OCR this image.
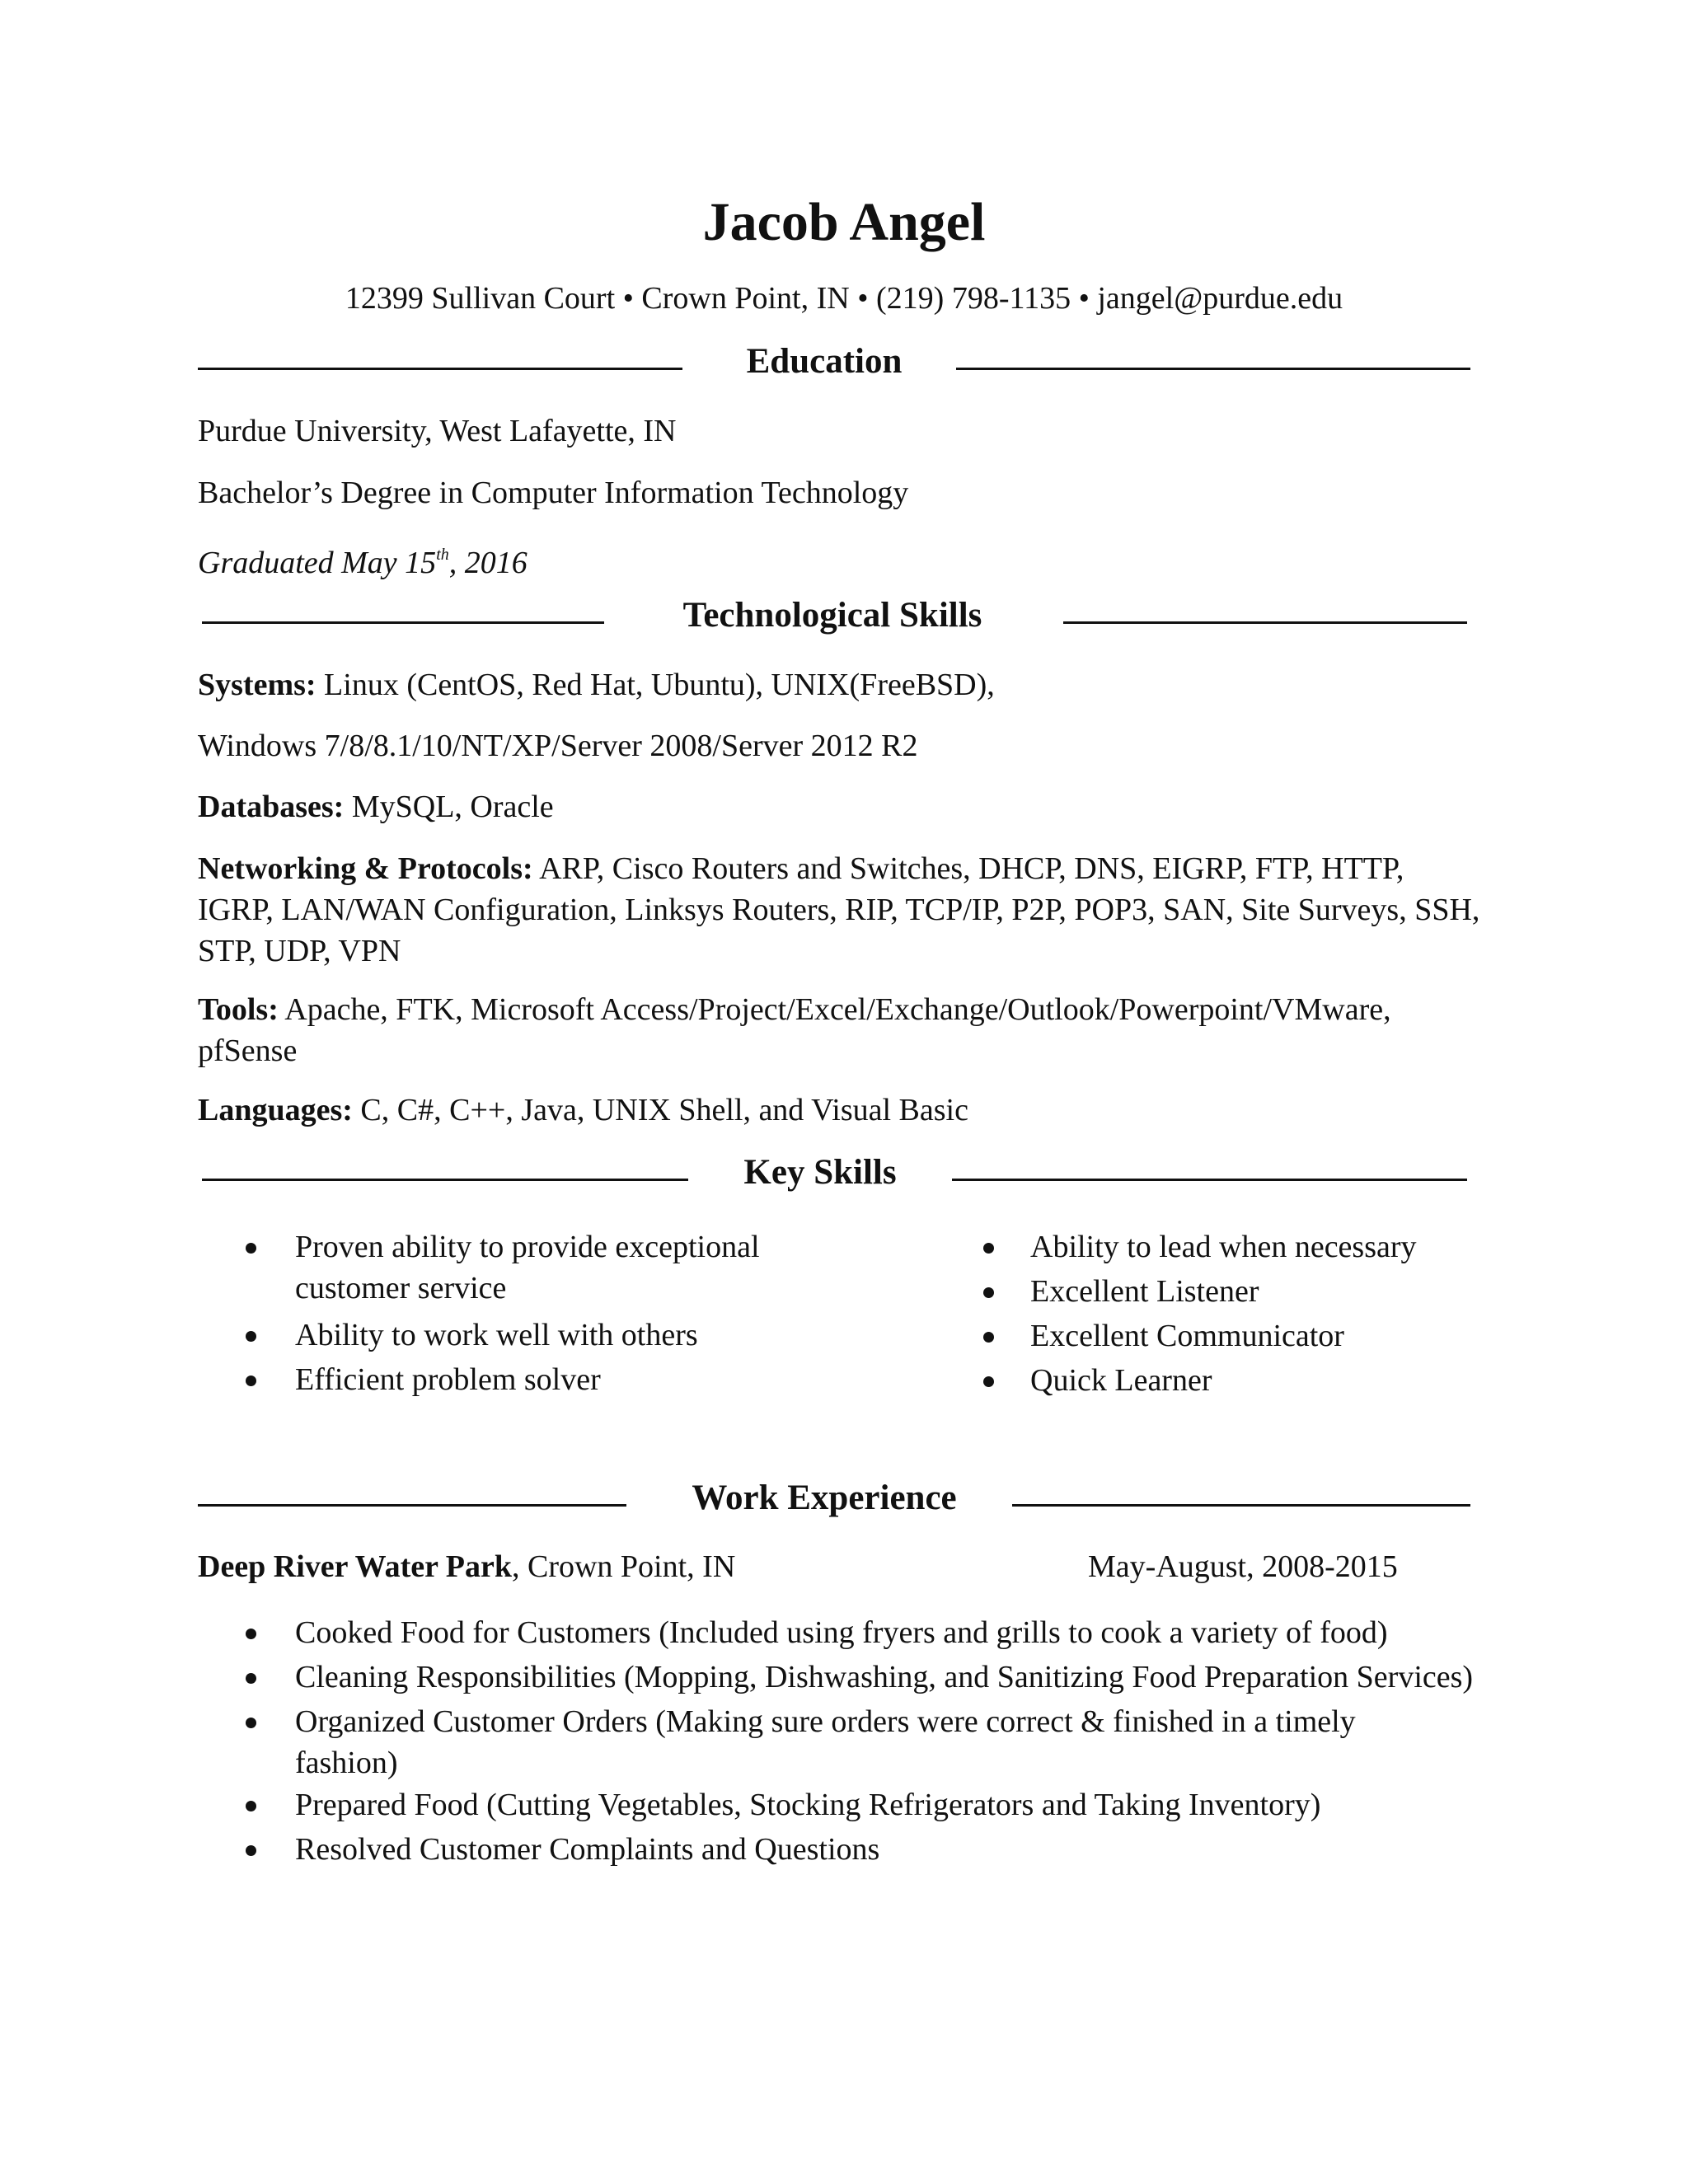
Jacob Angel
12399 Sullivan Court • Crown Point, IN • (219) 798-1135 • jangel@purdue.edu
Education
Purdue University, West Lafayette, IN
Bachelor’s Degree in Computer Information Technology
Graduated May 15th, 2016
Technological Skills
Systems: Linux (CentOS, Red Hat, Ubuntu), UNIX(FreeBSD),
Windows 7/8/8.1/10/NT/XP/Server 2008/Server 2012 R2
Databases: MySQL, Oracle
Networking & Protocols: ARP, Cisco Routers and Switches, DHCP, DNS, EIGRP, FTP, HTTP, IGRP, LAN/WAN Configuration, Linksys Routers, RIP, TCP/IP, P2P, POP3, SAN, Site Surveys, SSH, STP, UDP, VPN
Tools: Apache, FTK, Microsoft Access/Project/Excel/Exchange/Outlook/Powerpoint/VMware, pfSense
Languages: C, C#, C++, Java, UNIX Shell, and Visual Basic
Key Skills
Proven ability to provide exceptional customer service
Ability to work well with others
Efficient problem solver
Ability to lead when necessary
Excellent Listener
Excellent Communicator
Quick Learner
Work Experience
Deep River Water Park, Crown Point, IN	May-August, 2008-2015
Cooked Food for Customers (Included using fryers and grills to cook a variety of food)
Cleaning Responsibilities (Mopping, Dishwashing, and Sanitizing Food Preparation Services)
Organized Customer Orders (Making sure orders were correct & finished in a timely fashion)
Prepared Food (Cutting Vegetables, Stocking Refrigerators and Taking Inventory)
Resolved Customer Complaints and Questions
